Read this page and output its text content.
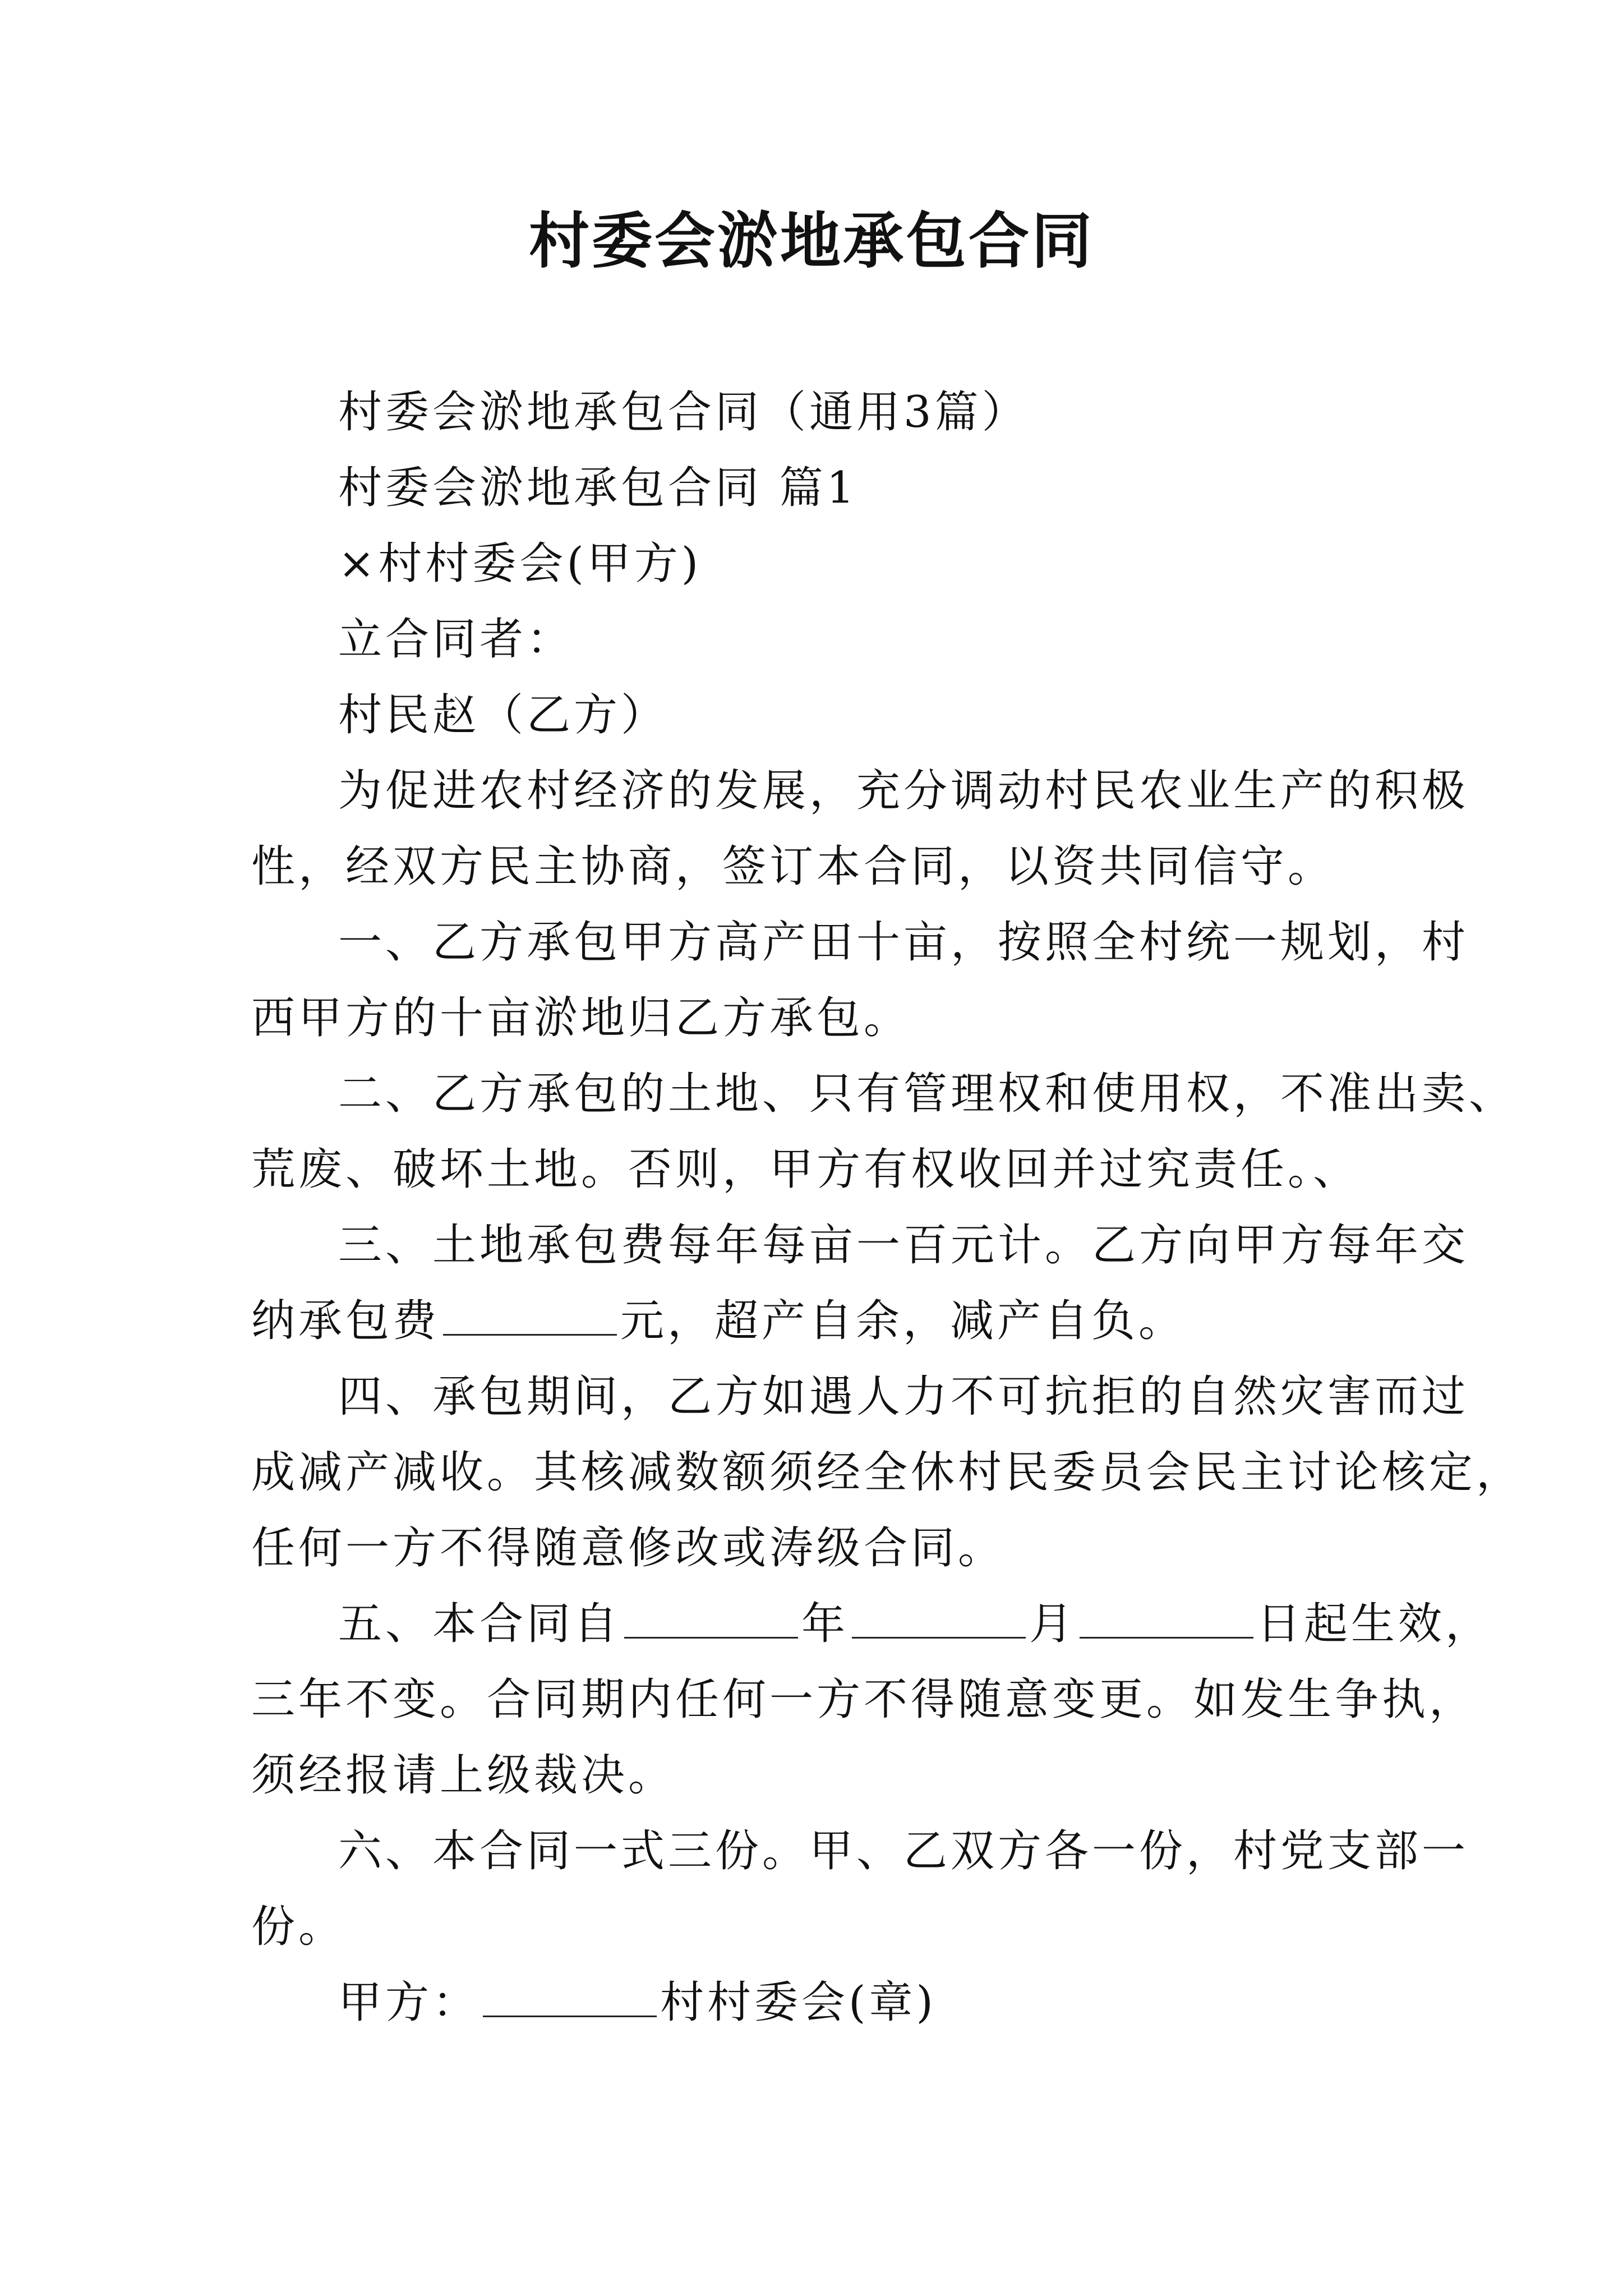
村委会淤地承包合同
村委会淤地承包合同（通用3篇）
村委会淤地承包合同 篇1
×村村委会(甲方)
立合同者：
村民赵（乙方）
为促进农村经济的发展，充分调动村民农业生产的积极
性，经双方民主协商，签订本合同，以资共同信守。
一、乙方承包甲方高产田十亩，按照全村统一规划，村
西甲方的十亩淤地归乙方承包。
二、乙方承包的土地、只有管理权和使用权，不准出卖、
荒废、破坏土地。否则，甲方有权收回并过究责任。、
三、土地承包费每年每亩一百元计。乙方向甲方每年交
纳承包费	元，超产自余，减产自负。
四、承包期间，乙方如遇人力不可抗拒的自然灾害而过
成减产减收。其核减数额须经全休村民委员会民主讨论核定，
任何一方不得随意修改或涛级合同。
五、本合同自	年	月	日起生效，
三年不变。合同期内任何一方不得随意变更。如发生争执，
须经报请上级裁决。
六、本合同一式三份。甲、乙双方各一份，村党支部一
份。
甲方：	村村委会(章)
